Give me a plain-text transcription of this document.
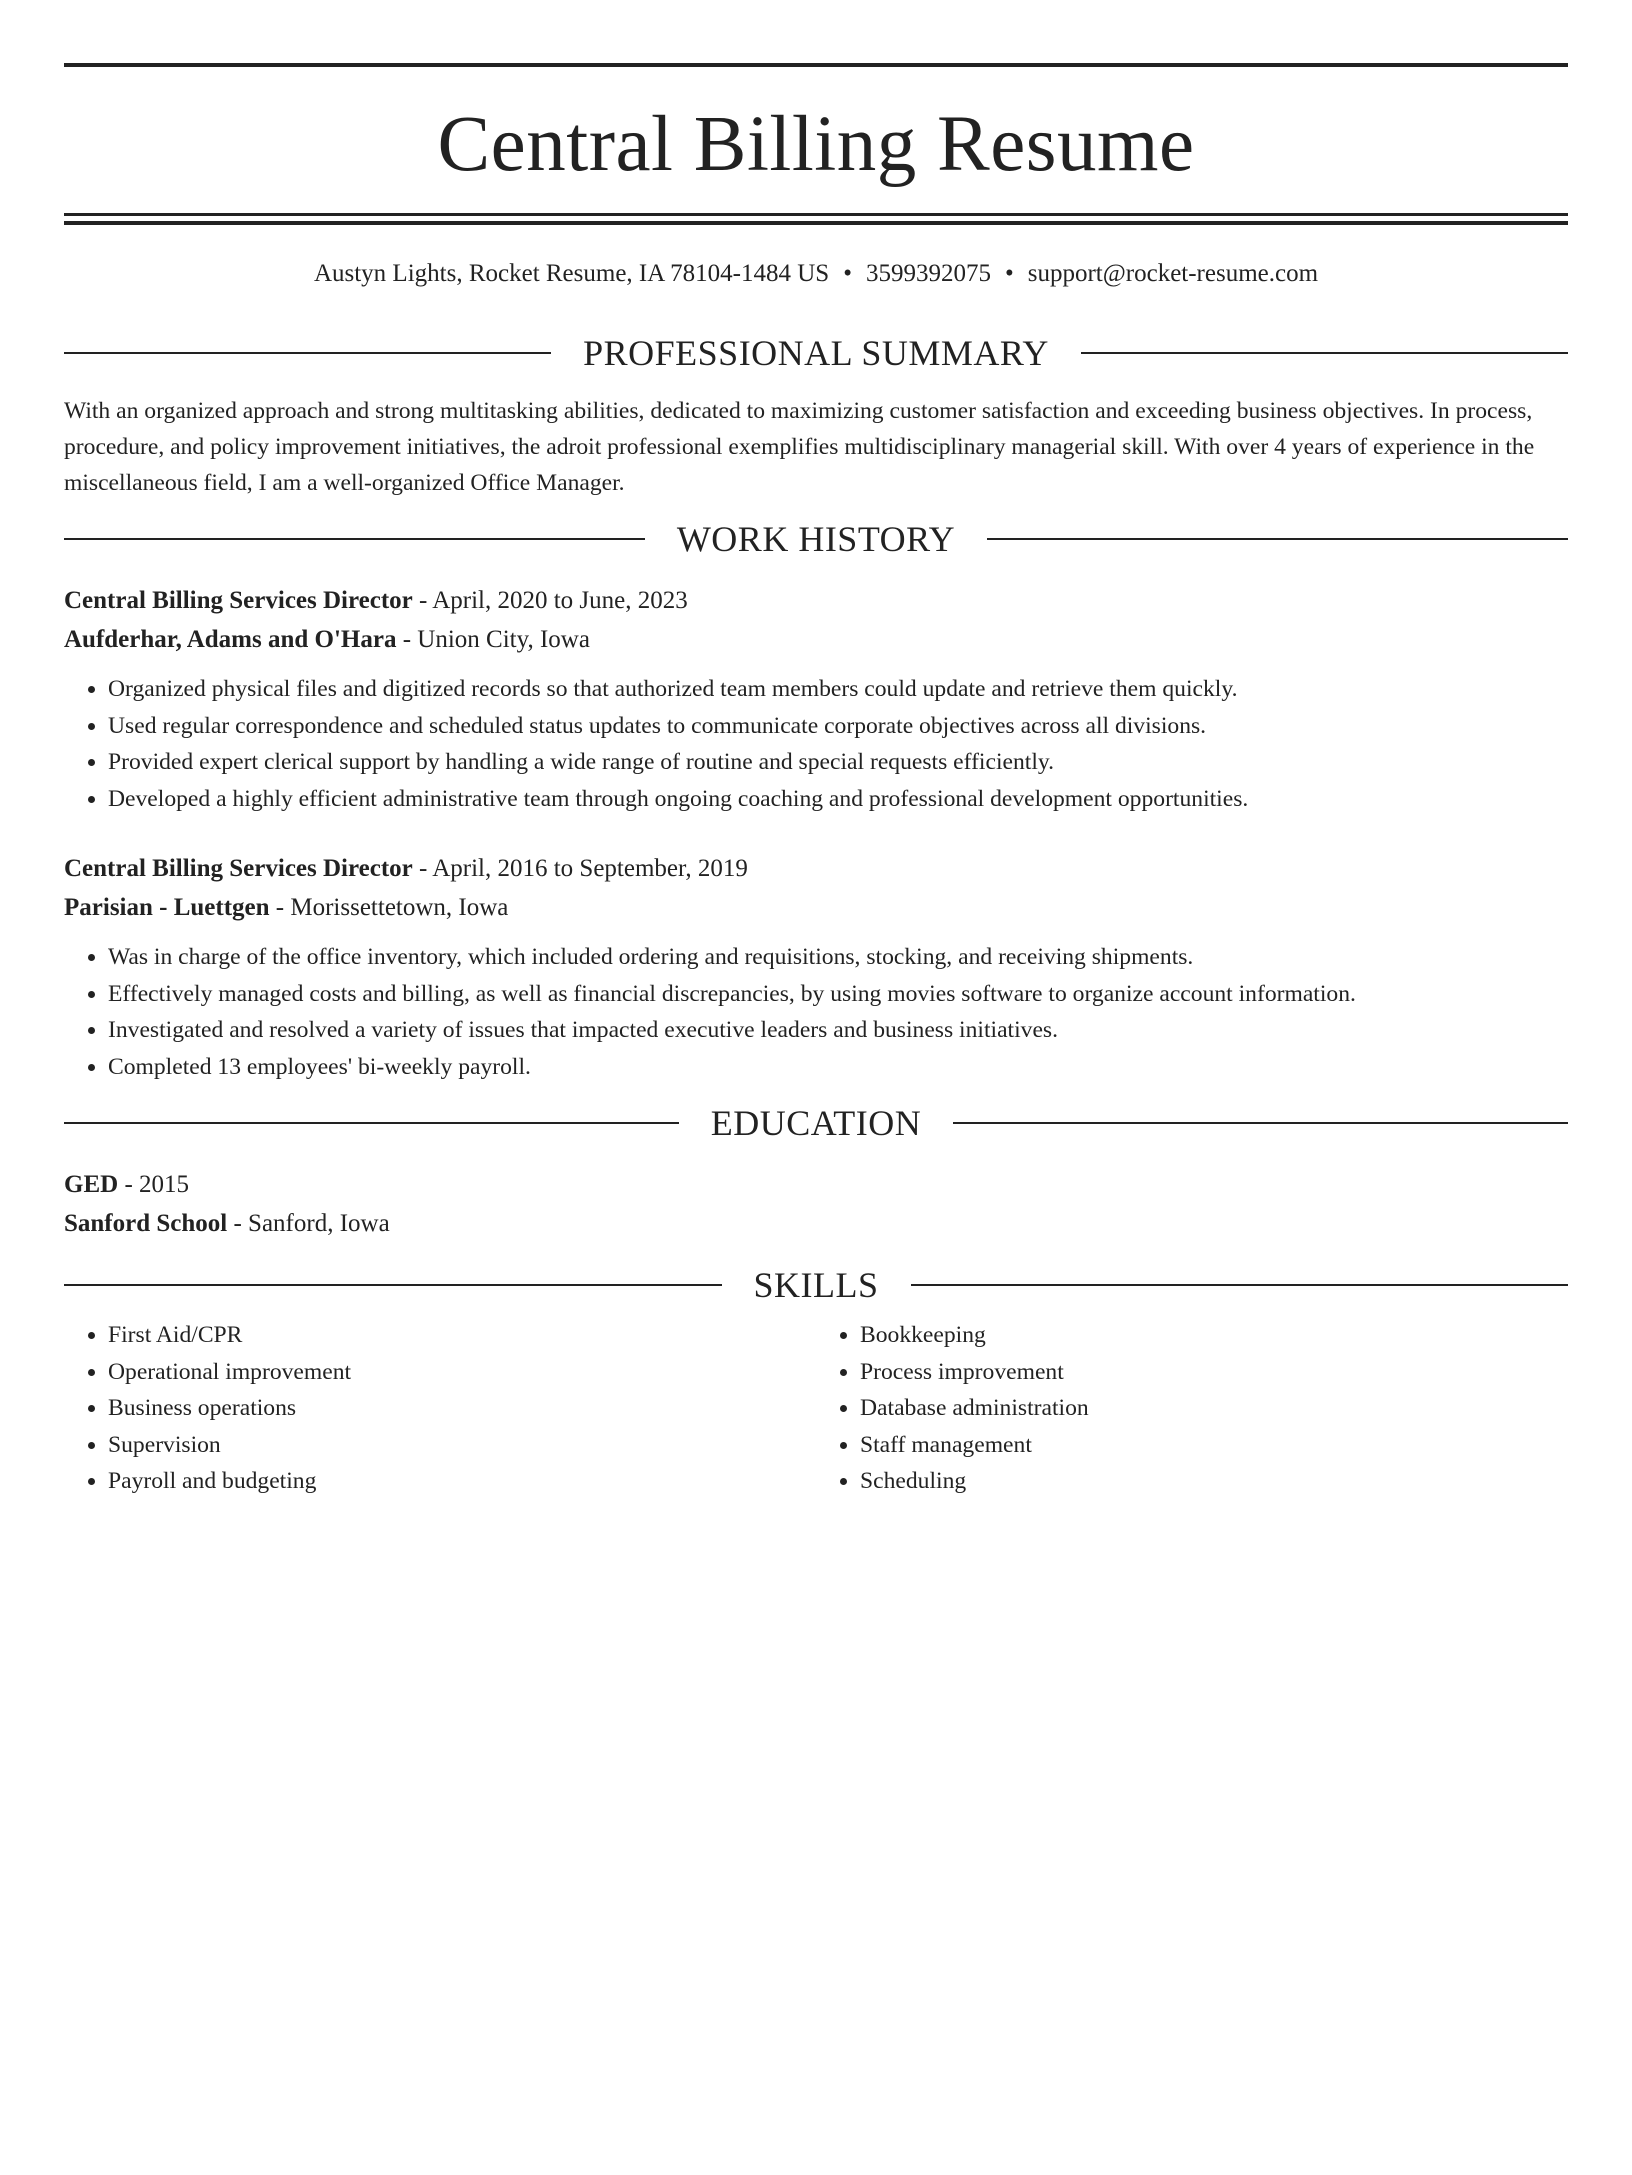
Central Billing Resume
Austyn Lights, Rocket Resume, IA 78104-1484 US • 3599392075 • support@rocket-resume.com
PROFESSIONAL SUMMARY
With an organized approach and strong multitasking abilities, dedicated to maximizing customer satisfaction and exceeding business objectives. In process, procedure, and policy improvement initiatives, the adroit professional exemplifies multidisciplinary managerial skill. With over 4 years of experience in the miscellaneous field, I am a well-organized Office Manager.
WORK HISTORY
Central Billing Services Director - April, 2020 to June, 2023
Aufderhar, Adams and O'Hara - Union City, Iowa
• Organized physical files and digitized records so that authorized team members could update and retrieve them quickly.
• Used regular correspondence and scheduled status updates to communicate corporate objectives across all divisions.
• Provided expert clerical support by handling a wide range of routine and special requests efficiently.
• Developed a highly efficient administrative team through ongoing coaching and professional development opportunities.
Central Billing Services Director - April, 2016 to September, 2019
Parisian - Luettgen - Morissettetown, Iowa
• Was in charge of the office inventory, which included ordering and requisitions, stocking, and receiving shipments.
• Effectively managed costs and billing, as well as financial discrepancies, by using movies software to organize account information.
• Investigated and resolved a variety of issues that impacted executive leaders and business initiatives.
• Completed 13 employees' bi-weekly payroll.
EDUCATION
GED - 2015
Sanford School - Sanford, Iowa
SKILLS
• First Aid/CPR
• Operational improvement
• Business operations
• Supervision
• Payroll and budgeting
• Bookkeeping
• Process improvement
• Database administration
• Staff management
• Scheduling
